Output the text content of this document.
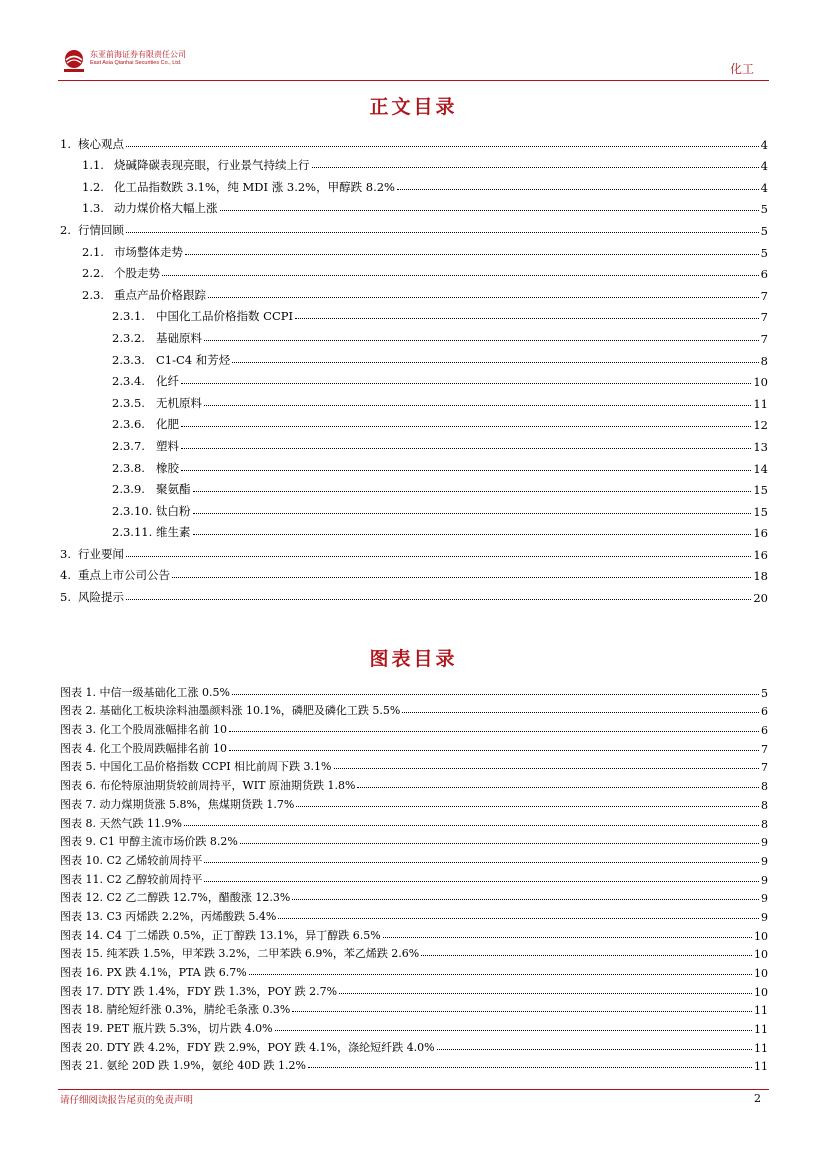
东亚前海证券有限责任公司
East Asia Qianhai Securities Co., Ltd.	化工
正文目录
1. 核心观点	4
1.1. 烧碱降碳表现亮眼，行业景气持续上行	4
1.2. 化工品指数跌 3.1%，纯 MDI 涨 3.2%，甲醇跌 8.2%	4
1.3. 动力煤价格大幅上涨	5
2. 行情回顾	5
2.1. 市场整体走势	5
2.2. 个股走势	6
2.3. 重点产品价格跟踪	7
2.3.1. 中国化工品价格指数 CCPI	7
2.3.2. 基础原料	7
2.3.3. C1-C4 和芳烃	8
2.3.4. 化纤	10
2.3.5. 无机原料	11
2.3.6. 化肥	12
2.3.7. 塑料	13
2.3.8. 橡胶	14
2.3.9. 聚氨酯	15
2.3.10. 钛白粉	15
2.3.11. 维生素	16
3. 行业要闻	16
4. 重点上市公司公告	18
5. 风险提示	20
图表目录
图表 1. 中信一级基础化工涨 0.5%	5
图表 2. 基础化工板块涂料油墨颜料涨 10.1%，磷肥及磷化工跌 5.5%	6
图表 3. 化工个股周涨幅排名前 10	6
图表 4. 化工个股周跌幅排名前 10	7
图表 5. 中国化工品价格指数 CCPI 相比前周下跌 3.1%	7
图表 6. 布伦特原油期货较前周持平，WIT 原油期货跌 1.8%	8
图表 7. 动力煤期货涨 5.8%，焦煤期货跌 1.7%	8
图表 8. 天然气跌 11.9%	8
图表 9. C1 甲醇主流市场价跌 8.2%	9
图表 10. C2 乙烯较前周持平	9
图表 11. C2 乙醇较前周持平	9
图表 12. C2 乙二醇跌 12.7%，醋酸涨 12.3%	9
图表 13. C3 丙烯跌 2.2%，丙烯酸跌 5.4%	9
图表 14. C4 丁二烯跌 0.5%，正丁醇跌 13.1%，异丁醇跌 6.5%	10
图表 15. 纯苯跌 1.5%，甲苯跌 3.2%，二甲苯跌 6.9%，苯乙烯跌 2.6%	10
图表 16. PX 跌 4.1%，PTA 跌 6.7%	10
图表 17. DTY 跌 1.4%，FDY 跌 1.3%，POY 跌 2.7%	10
图表 18. 腈纶短纤涨 0.3%，腈纶毛条涨 0.3%	11
图表 19. PET 瓶片跌 5.3%，切片跌 4.0%	11
图表 20. DTY 跌 4.2%，FDY 跌 2.9%，POY 跌 4.1%，涤纶短纤跌 4.0%	11
图表 21. 氨纶 20D 跌 1.9%，氨纶 40D 跌 1.2%	11
请仔细阅读报告尾页的免责声明	2
